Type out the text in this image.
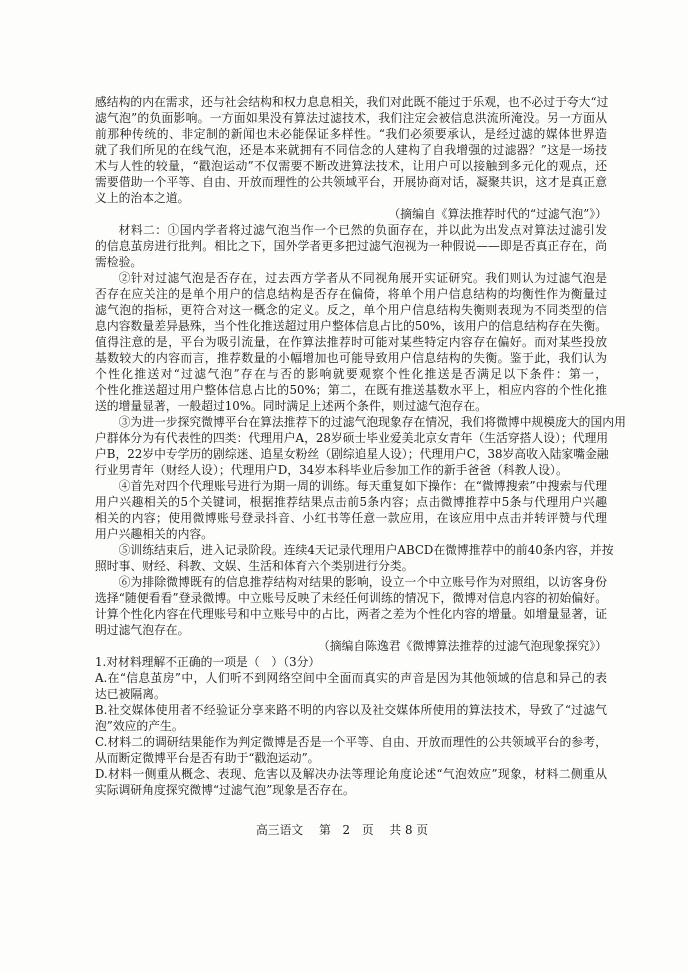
感结构的内在需求，还与社会结构和权力息息相关，我们对此既不能过于乐观，也不必过于夸大“过
滤气泡”的负面影响。一方面如果没有算法过滤技术，我们注定会被信息洪流所淹没。另一方面从
前那种传统的、非定制的新闻也未必能保证多样性。“我们必须要承认，是经过滤的媒体世界造
就了我们所见的在线气泡，还是本来就拥有不同信念的人建构了自我增强的过滤器？”这是一场技
术与人性的较量，“戳泡运动”不仅需要不断改进算法技术，让用户可以接触到多元化的观点，还
需要借助一个平等、自由、开放而理性的公共领域平台，开展协商对话，凝聚共识，这才是真正意
义上的治本之道。
（摘编自《算法推荐时代的“过滤气泡”》）
材料二：①国内学者将过滤气泡当作一个已然的负面存在，并以此为出发点对算法过滤引发
的信息茧房进行批判。相比之下，国外学者更多把过滤气泡视为一种假说——即是否真正存在，尚
需检验。
②针对过滤气泡是否存在，过去西方学者从不同视角展开实证研究。我们则认为过滤气泡是
否存在应关注的是单个用户的信息结构是否存在偏倚，将单个用户信息结构的均衡性作为衡量过
滤气泡的指标，更符合对这一概念的定义。反之，单个用户信息结构失衡则表现为不同类型的信
息内容数量差异悬殊，当个性化推送超过用户整体信息占比的50%，该用户的信息结构存在失衡。
值得注意的是，平台为吸引流量，在作算法推荐时可能对某些特定内容存在偏好。而对某些投放
基数较大的内容而言，推荐数量的小幅增加也可能导致用户信息结构的失衡。鉴于此，我们认为
个性化推送对“过滤气泡”存在与否的影响就要观察个性化推送是否满足以下条件：第一，
个性化推送超过用户整体信息占比的50%；第二，在既有推送基数水平上，相应内容的个性化推
送的增量显著，一般超过10%。同时满足上述两个条件，则过滤气泡存在。
③为进一步探究微博平台在算法推荐下的过滤气泡现象存在情况，我们将微博中规模庞大的国内用
户群体分为有代表性的四类：代理用户A，28岁硕士毕业爱美北京女青年（生活穿搭人设）；代理用
户B，22岁中专学历的剧综迷、追星女粉丝（剧综追星人设）；代理用户C，38岁高收入陆家嘴金融
行业男青年（财经人设）；代理用户D，34岁本科毕业后参加工作的新手爸爸（科教人设）。
④首先对四个代理账号进行为期一周的训练。每天重复如下操作：在“微博搜索”中搜索与代理
用户兴趣相关的5个关键词，根据推荐结果点击前5条内容；点击微博推荐中5条与代理用户兴趣
相关的内容；使用微博账号登录抖音、小红书等任意一款应用，在该应用中点击并转评赞与代理
用户兴趣相关的内容。
⑤训练结束后，进入记录阶段。连续4天记录代理用户ABCD在微博推荐中的前40条内容，并按
照时事、财经、科教、文娱、生活和体育六个类别进行分类。
⑥为排除微博既有的信息推荐结构对结果的影响，设立一个中立账号作为对照组，以访客身份
选择“随便看看”登录微博。中立账号反映了未经任何训练的情况下，微博对信息内容的初始偏好。
计算个性化内容在代理账号和中立账号中的占比，两者之差为个性化内容的增量。如增量显著，证
明过滤气泡存在。
（摘编自陈逸君《微博算法推荐的过滤气泡现象探究》）
1.对材料理解不正确的一项是（　）（3分）
A.在“信息茧房”中，人们听不到网络空间中全面而真实的声音是因为其他领域的信息和异己的表
达已被隔离。
B.社交媒体使用者不经验证分享来路不明的内容以及社交媒体所使用的算法技术，导致了“过滤气
泡”效应的产生。
C.材料二的调研结果能作为判定微博是否是一个平等、自由、开放而理性的公共领域平台的参考，
从而断定微博平台是否有助于“戳泡运动”。
D.材料一侧重从概念、表现、危害以及解决办法等理论角度论述“气泡效应”现象，材料二侧重从
实际调研角度探究微博“过滤气泡”现象是否存在。
高三语文 第　2　页 共 8 页
